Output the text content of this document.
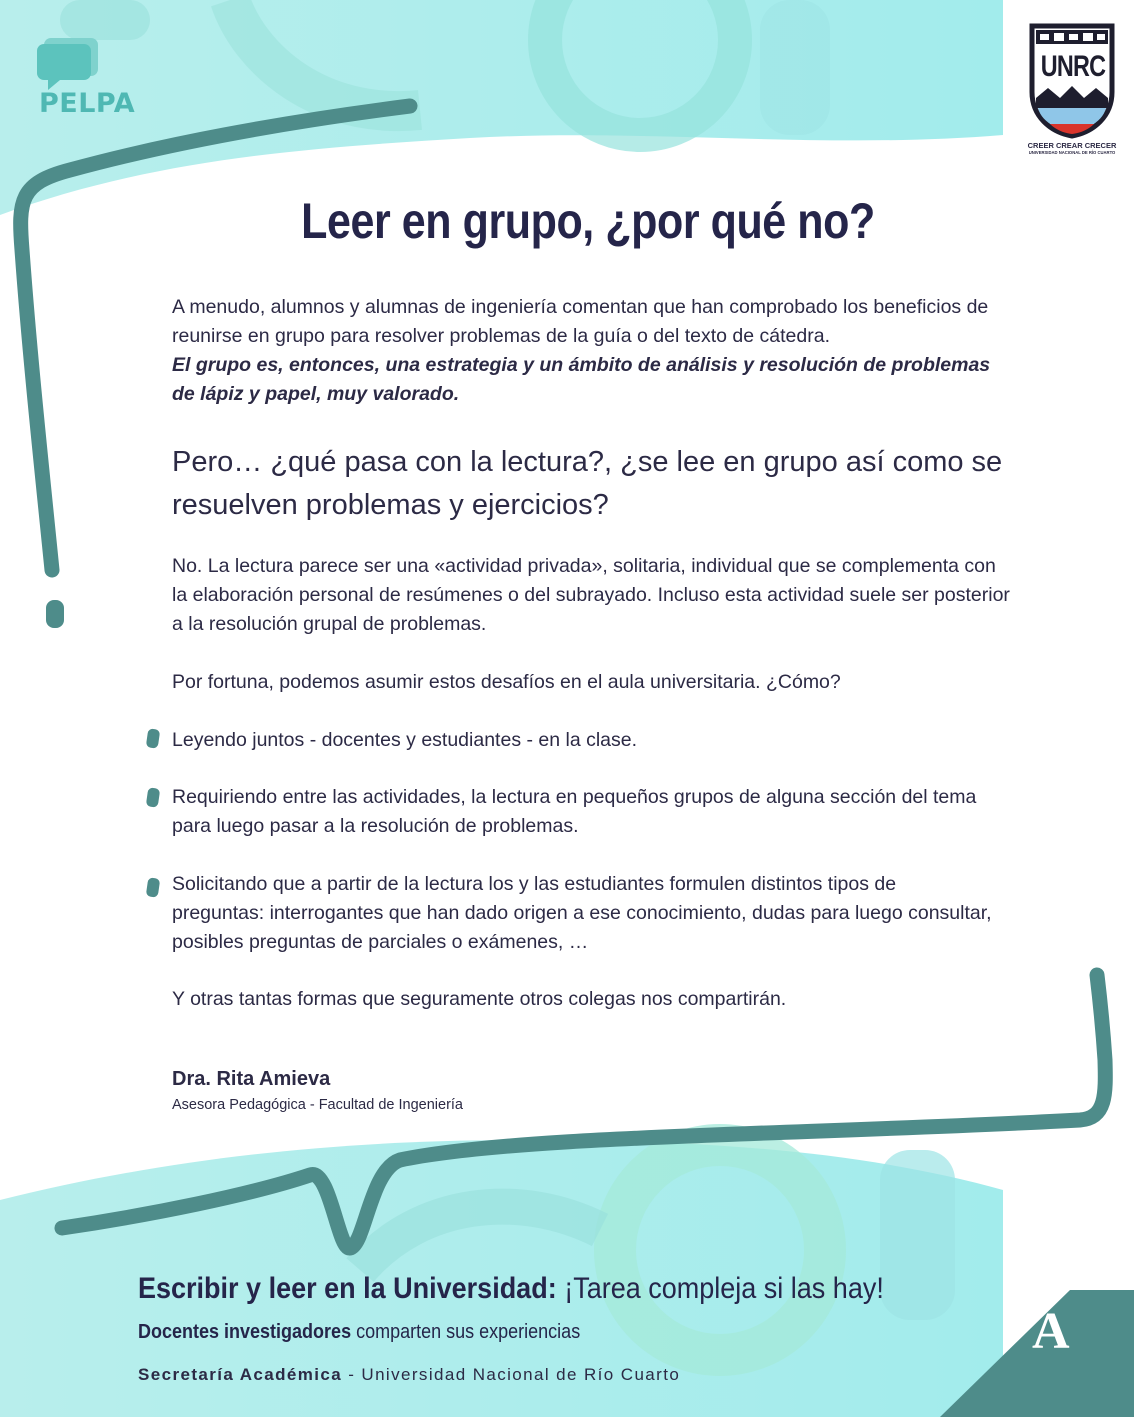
PELPA
UNRC
CREER CREAR CRECER
UNIVERSIDAD NACIONAL DE RÍO CUARTO
Leer en grupo, ¿por qué no?
A menudo, alumnos y alumnas de ingeniería comentan que han comprobado los beneficios de reunirse en grupo para resolver problemas de la guía o del texto de cátedra.
El grupo es, entonces, una estrategia y un ámbito de análisis y resolución de problemas de lápiz y papel, muy valorado.
Pero… ¿qué pasa con la lectura?, ¿se lee en grupo así como se resuelven problemas y ejercicios?
No. La lectura parece ser una «actividad privada», solitaria, individual que se complementa con la elaboración personal de resúmenes o del subrayado. Incluso esta actividad suele ser posterior a la resolución grupal de problemas.
Por fortuna, podemos asumir estos desafíos en el aula universitaria. ¿Cómo?
Leyendo juntos - docentes y estudiantes - en la clase.
Requiriendo entre las actividades, la lectura en pequeños grupos de alguna sección del tema para luego pasar a la resolución de problemas.
Solicitando que a partir de la lectura los y las estudiantes formulen distintos tipos de preguntas: interrogantes que han dado origen a ese conocimiento, dudas para luego consultar, posibles preguntas de parciales o exámenes, …
Y otras tantas formas que seguramente otros colegas nos compartirán.
Dra. Rita Amieva
Asesora Pedagógica - Facultad de Ingeniería
Escribir y leer en la Universidad: ¡Tarea compleja si las hay!
Docentes investigadores comparten sus experiencias
Secretaría Académica - Universidad Nacional de Río Cuarto
A
